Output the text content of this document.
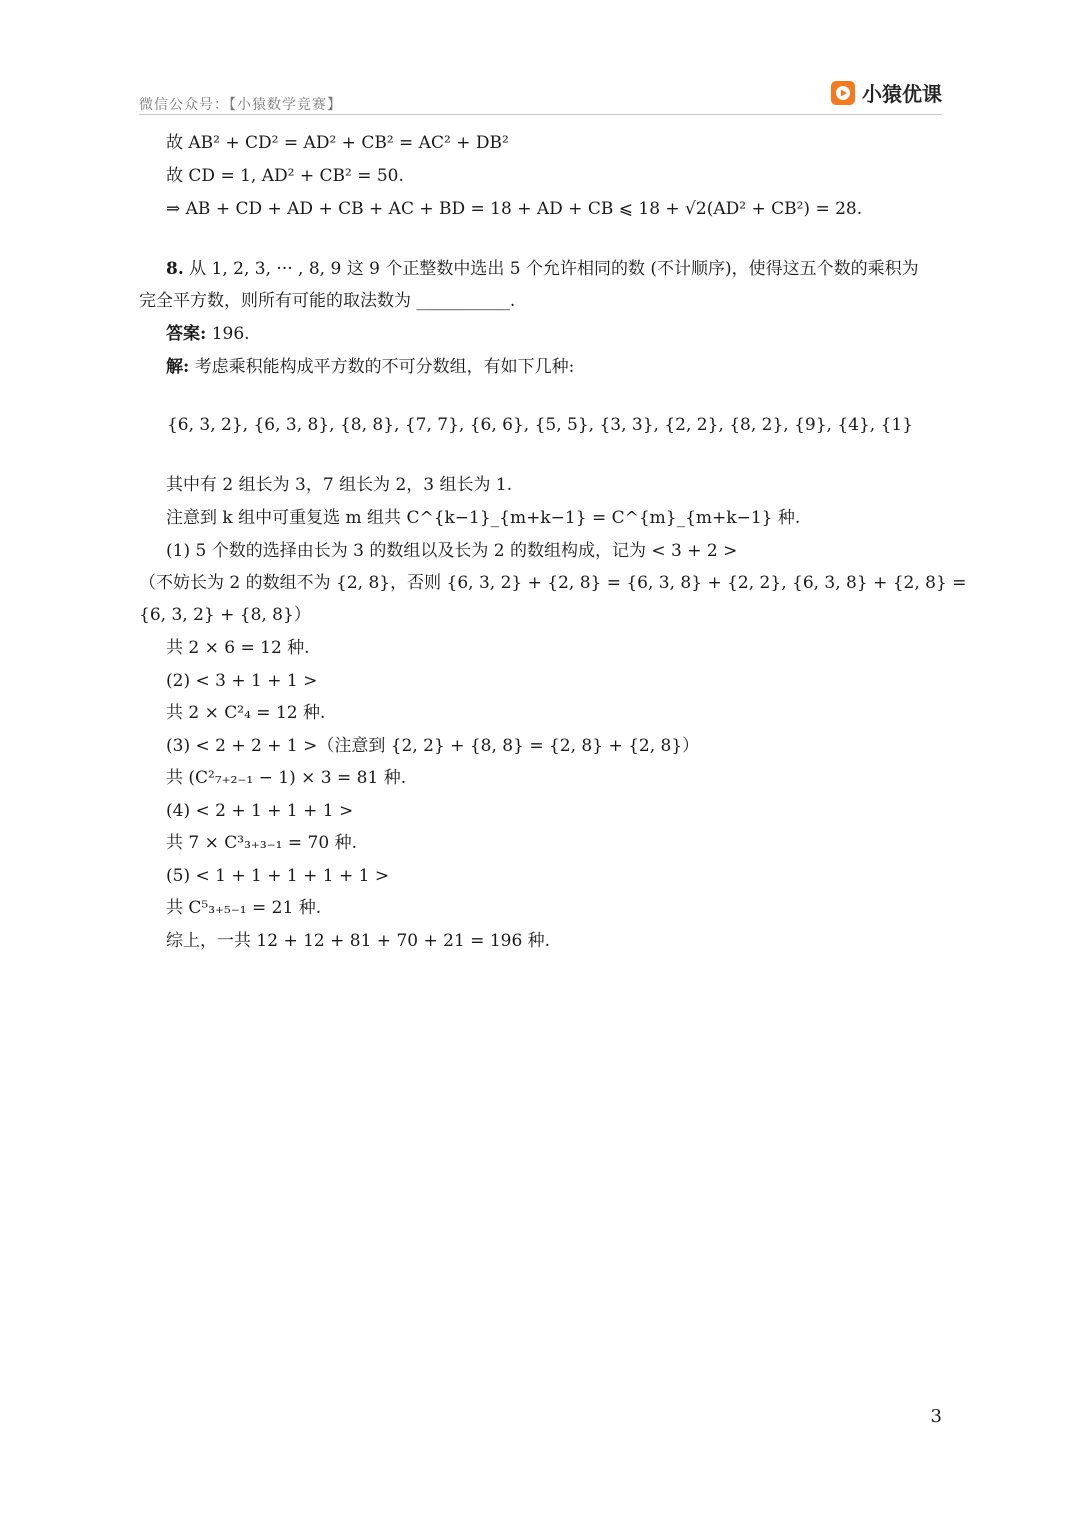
微信公众号：【小猿数学竞赛】	小猿优课
故 AB² + CD² = AD² + CB² = AC² + DB²
故 CD = 1, AD² + CB² = 50.
⇒ AB + CD + AD + CB + AC + BD = 18 + AD + CB ⩽ 18 + √2(AD² + CB²) = 28.
8. 从 1, 2, 3, ··· , 8, 9 这 9 个正整数中选出 5 个允许相同的数 (不计顺序)，使得这五个数的乘积为
完全平方数，则所有可能的取法数为 ___________.
答案: 196.
解: 考虑乘积能构成平方数的不可分数组，有如下几种:
{6, 3, 2}, {6, 3, 8}, {8, 8}, {7, 7}, {6, 6}, {5, 5}, {3, 3}, {2, 2}, {8, 2}, {9}, {4}, {1}
其中有 2 组长为 3，7 组长为 2，3 组长为 1.
注意到 k 组中可重复选 m 组共 C^{k−1}_{m+k−1} = C^{m}_{m+k−1} 种.
(1) 5 个数的选择由长为 3 的数组以及长为 2 的数组构成，记为 < 3 + 2 >
（不妨长为 2 的数组不为 {2, 8}，否则 {6, 3, 2} + {2, 8} = {6, 3, 8} + {2, 2}, {6, 3, 8} + {2, 8} =
{6, 3, 2} + {8, 8}）
共 2 × 6 = 12 种.
(2) < 3 + 1 + 1 >
共 2 × C²₄ = 12 种.
(3) < 2 + 2 + 1 >（注意到 {2, 2} + {8, 8} = {2, 8} + {2, 8}）
共 (C²₇₊₂₋₁ − 1) × 3 = 81 种.
(4) < 2 + 1 + 1 + 1 >
共 7 × C³₃₊₃₋₁ = 70 种.
(5) < 1 + 1 + 1 + 1 + 1 >
共 C⁵₃₊₅₋₁ = 21 种.
综上，一共 12 + 12 + 81 + 70 + 21 = 196 种.
3
